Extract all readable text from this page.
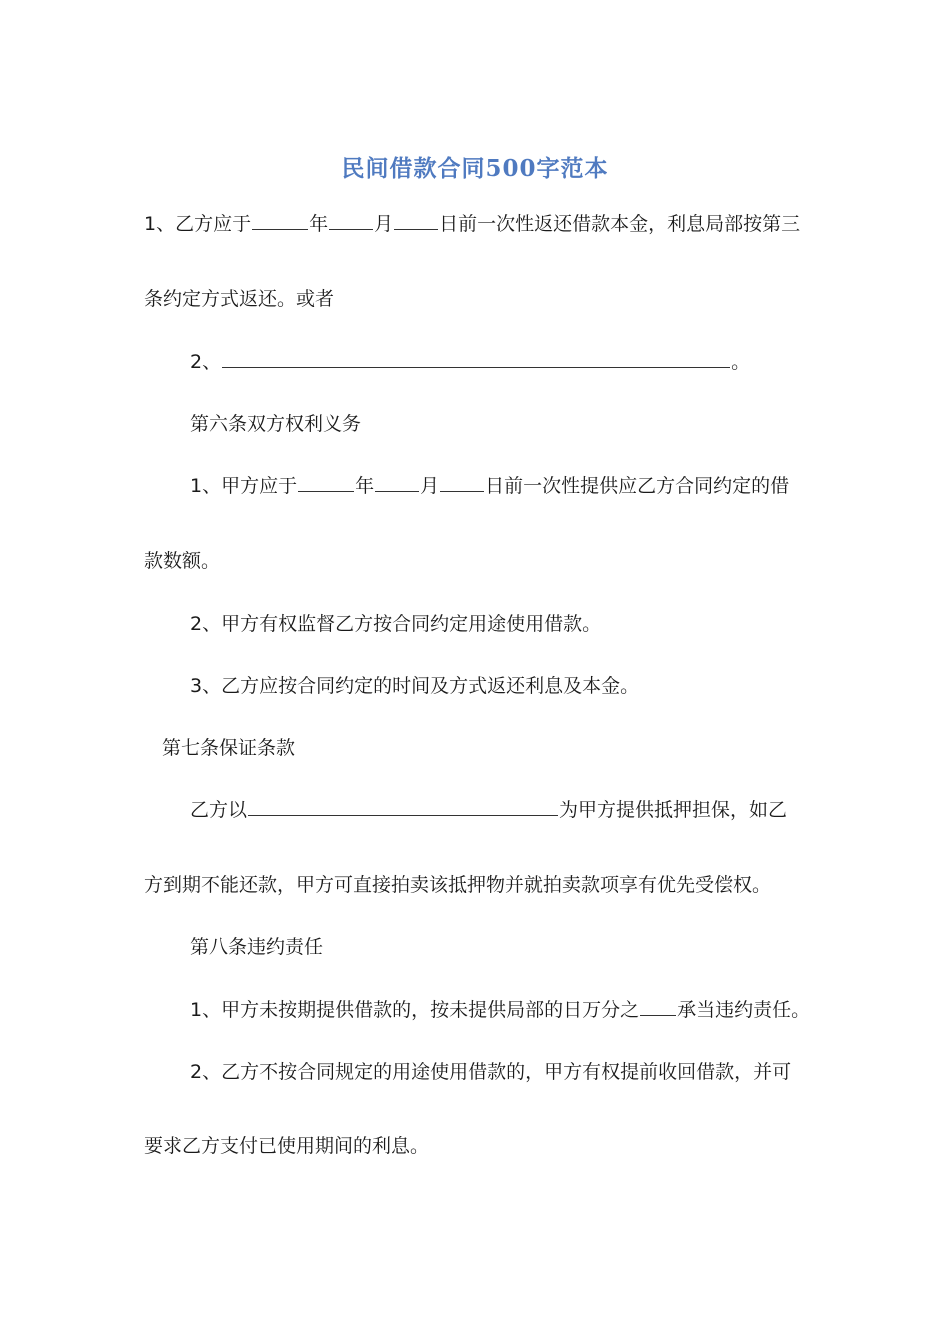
民间借款合同500字范本
1、乙方应于	年 月 日前一次性返还借款本金，利息局部按第三
条约定方式返还。或者
2、	。
第六条双方权利义务
1、甲方应于	年 月 日前一次性提供应乙方合同约定的借
款数额。
2、甲方有权监督乙方按合同约定用途使用借款。
3、乙方应按合同约定的时间及方式返还利息及本金。
第七条保证条款
乙方以	为甲方提供抵押担保，如乙
方到期不能还款，甲方可直接拍卖该抵押物并就拍卖款项享有优先受偿权。
第八条违约责任
1、甲方未按期提供借款的，按未提供局部的日万分之 承当违约责任。
2、乙方不按合同规定的用途使用借款的，甲方有权提前收回借款，并可
要求乙方支付已使用期间的利息。
